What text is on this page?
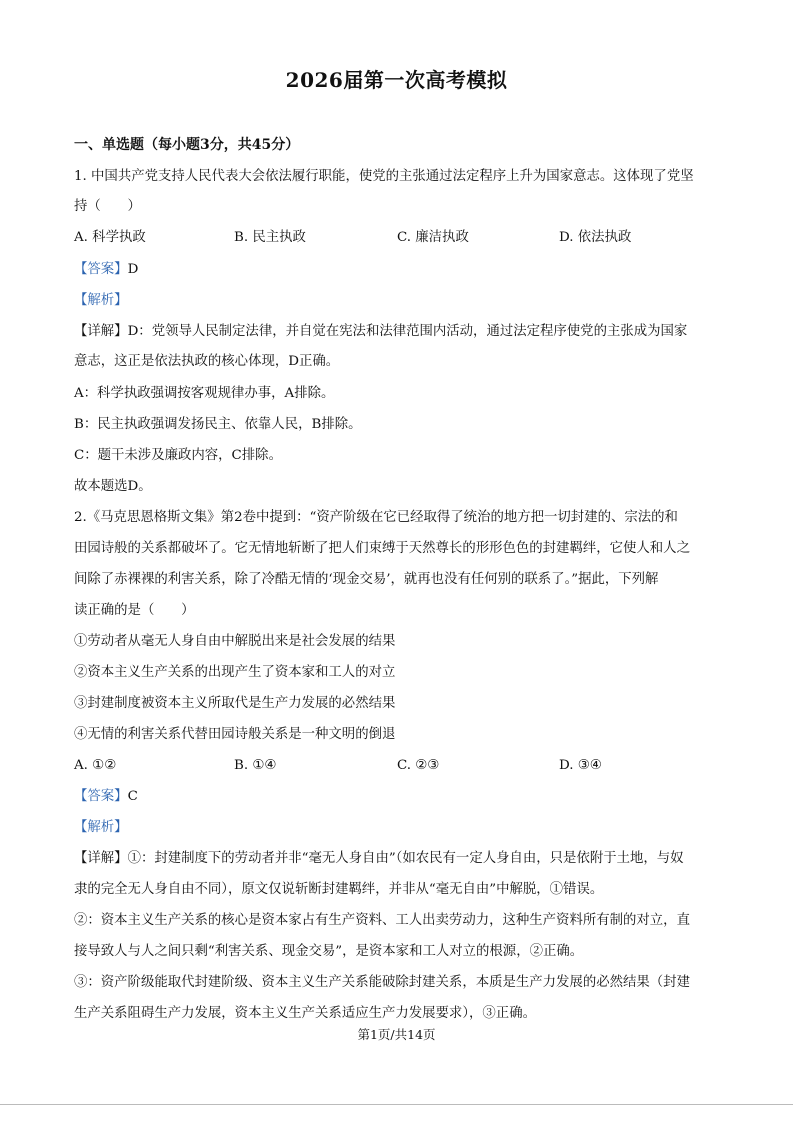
2026届第一次高考模拟
一、单选题（每小题3分，共45分）
1. 中国共产党支持人民代表大会依法履行职能，使党的主张通过法定程序上升为国家意志。这体现了党坚
持（　　）
A. 科学执政	B. 民主执政	C. 廉洁执政	D. 依法执政
【答案】D
【解析】
【详解】D：党领导人民制定法律，并自觉在宪法和法律范围内活动，通过法定程序使党的主张成为国家
意志，这正是依法执政的核心体现，D正确。
A：科学执政强调按客观规律办事，A排除。
B：民主执政强调发扬民主、依靠人民，B排除。
C：题干未涉及廉政内容，C排除。
故本题选D。
2.《马克思恩格斯文集》第2卷中提到：“资产阶级在它已经取得了统治的地方把一切封建的、宗法的和
田园诗般的关系都破坏了。它无情地斩断了把人们束缚于天然尊长的形形色色的封建羁绊，它使人和人之
间除了赤裸裸的利害关系，除了冷酷无情的‘现金交易’，就再也没有任何别的联系了。”据此，下列解
读正确的是（　　）
①劳动者从毫无人身自由中解脱出来是社会发展的结果
②资本主义生产关系的出现产生了资本家和工人的对立
③封建制度被资本主义所取代是生产力发展的必然结果
④无情的利害关系代替田园诗般关系是一种文明的倒退
A. ①②	B. ①④	C. ②③	D. ③④
【答案】C
【解析】
【详解】①：封建制度下的劳动者并非“毫无人身自由”（如农民有一定人身自由，只是依附于土地，与奴
隶的完全无人身自由不同），原文仅说斩断封建羁绊，并非从“毫无自由”中解脱，①错误。
②：资本主义生产关系的核心是资本家占有生产资料、工人出卖劳动力，这种生产资料所有制的对立，直
接导致人与人之间只剩“利害关系、现金交易”，是资本家和工人对立的根源，②正确。
③：资产阶级能取代封建阶级、资本主义生产关系能破除封建关系，本质是生产力发展的必然结果（封建
生产关系阻碍生产力发展，资本主义生产关系适应生产力发展要求），③正确。
第1页/共14页
